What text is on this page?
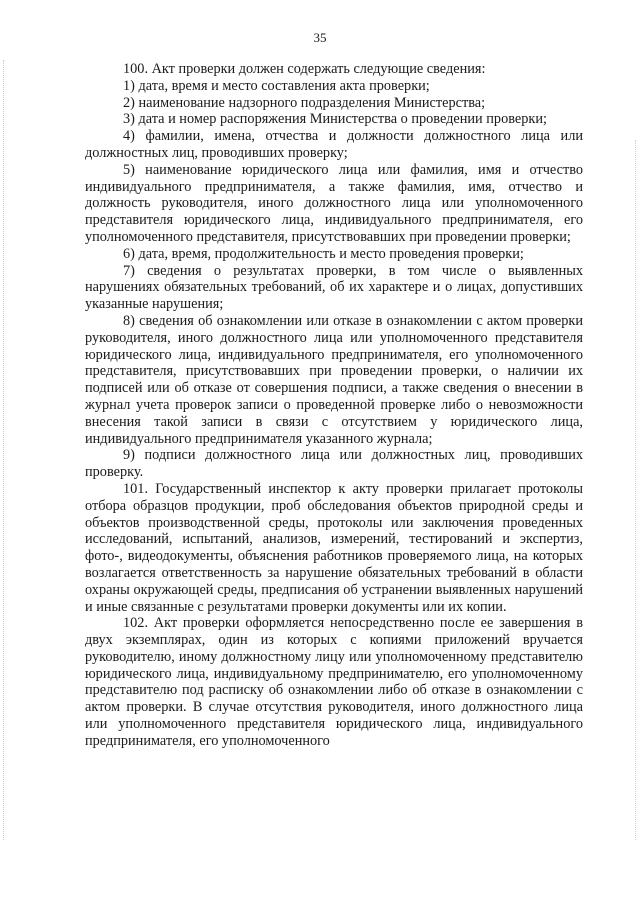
35

100. Акт проверки должен содержать следующие сведения:

1) дата, время и место составления акта проверки;

2) наименование надзорного подразделения Министерства;

3) дата и номер распоряжения Министерства о проведении проверки;

4) фамилии, имена, отчества и должности должностного лица или должностных лиц, проводивших проверку;

5) наименование юридического лица или фамилия, имя и отчество индивидуального предпринимателя, а также фамилия, имя, отчество и должность руководителя, иного должностного лица или уполномоченного представителя юридического лица, индивидуального предпринимателя, его уполномоченного представителя, присутствовавших при проведении проверки;

6) дата, время, продолжительность и место проведения проверки;

7) сведения о результатах проверки, в том числе о выявленных нарушениях обязательных требований, об их характере и о лицах, допустивших указанные нарушения;

8) сведения об ознакомлении или отказе в ознакомлении с актом проверки руководителя, иного должностного лица или уполномоченного представителя юридического лица, индивидуального предпринимателя, его уполномоченного представителя, присутствовавших при проведении проверки, о наличии их подписей или об отказе от совершения подписи, а также сведения о внесении в журнал учета проверок записи о проведенной проверке либо о невозможности внесения такой записи в связи с отсутствием у юридического лица, индивидуального предпринимателя указанного журнала;

9) подписи должностного лица или должностных лиц, проводивших проверку.

101. Государственный инспектор к акту проверки прилагает протоколы отбора образцов продукции, проб обследования объектов природной среды и объектов производственной среды, протоколы или заключения проведенных исследований, испытаний, анализов, измерений, тестирований и экспертиз, фото-, видеодокументы, объяснения работников проверяемого лица, на которых возлагается ответственность за нарушение обязательных требований в области охраны окружающей среды, предписания об устранении выявленных нарушений и иные связанные с результатами проверки документы или их копии.

102. Акт проверки оформляется непосредственно после ее завершения в двух экземплярах, один из которых с копиями приложений вручается руководителю, иному должностному лицу или уполномоченному представителю юридического лица, индивидуальному предпринимателю, его уполномоченному представителю под расписку об ознакомлении либо об отказе в ознакомлении с актом проверки. В случае отсутствия руководителя, иного должностного лица или уполномоченного представителя юридического лица, индивидуального предпринимателя, его уполномоченного
